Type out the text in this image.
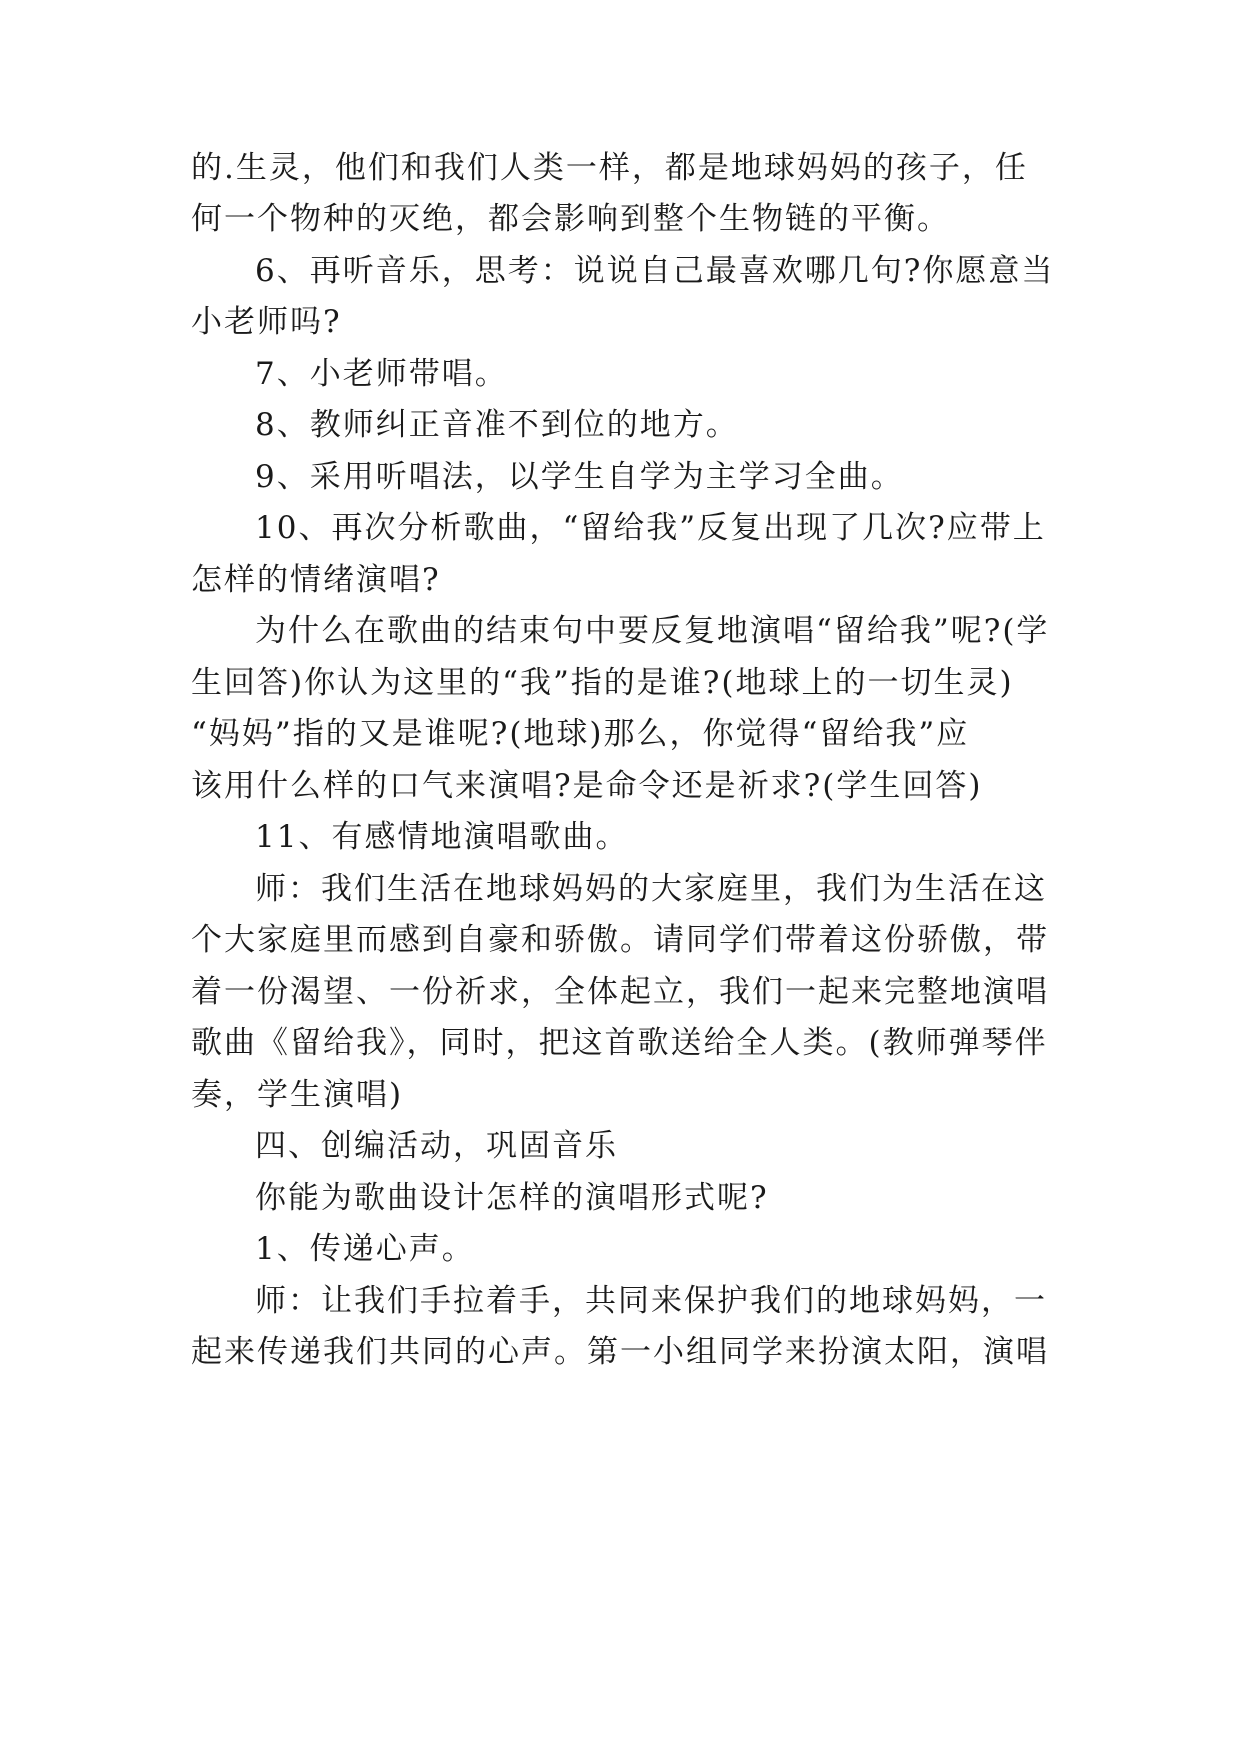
的.生灵，他们和我们人类一样，都是地球妈妈的孩子，任
何一个物种的灭绝，都会影响到整个生物链的平衡。
6、再听音乐，思考：说说自己最喜欢哪几句?你愿意当
小老师吗?
7、小老师带唱。
8、教师纠正音准不到位的地方。
9、采用听唱法，以学生自学为主学习全曲。
10、再次分析歌曲，“留给我”反复出现了几次?应带上
怎样的情绪演唱?
为什么在歌曲的结束句中要反复地演唱“留给我”呢?(学
生回答)你认为这里的“我”指的是谁?(地球上的一切生灵)
“妈妈”指的又是谁呢?(地球)那么，你觉得“留给我”应
该用什么样的口气来演唱?是命令还是祈求?(学生回答)
11、有感情地演唱歌曲。
师：我们生活在地球妈妈的大家庭里，我们为生活在这
个大家庭里而感到自豪和骄傲。请同学们带着这份骄傲，带
着一份渴望、一份祈求，全体起立，我们一起来完整地演唱
歌曲《留给我》，同时，把这首歌送给全人类。(教师弹琴伴
奏，学生演唱)
四、创编活动，巩固音乐
你能为歌曲设计怎样的演唱形式呢?
1、传递心声。
师：让我们手拉着手，共同来保护我们的地球妈妈，一
起来传递我们共同的心声。第一小组同学来扮演太阳，演唱
